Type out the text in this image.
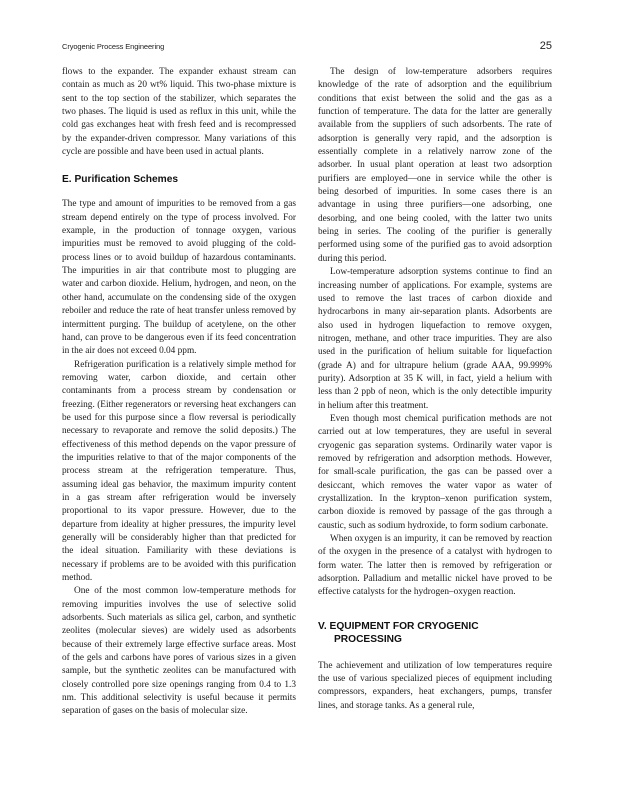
Cryogenic Process Engineering	25

flows to the expander. The expander exhaust stream can contain as much as 20 wt% liquid. This two-phase mixture is sent to the top section of the stabilizer, which separates the two phases. The liquid is used as reflux in this unit, while the cold gas exchanges heat with fresh feed and is recompressed by the expander-driven compressor. Many variations of this cycle are possible and have been used in actual plants.

E. Purification Schemes

The type and amount of impurities to be removed from a gas stream depend entirely on the type of process involved. For example, in the production of tonnage oxygen, various impurities must be removed to avoid plugging of the cold-process lines or to avoid buildup of hazardous contaminants. The impurities in air that contribute most to plugging are water and carbon dioxide. Helium, hydrogen, and neon, on the other hand, accumulate on the condensing side of the oxygen reboiler and reduce the rate of heat transfer unless removed by intermittent purging. The buildup of acetylene, on the other hand, can prove to be dangerous even if its feed concentration in the air does not exceed 0.04 ppm.

Refrigeration purification is a relatively simple method for removing water, carbon dioxide, and certain other contaminants from a process stream by condensation or freezing. (Either regenerators or reversing heat exchangers can be used for this purpose since a flow reversal is periodically necessary to revaporate and remove the solid deposits.) The effectiveness of this method depends on the vapor pressure of the impurities relative to that of the major components of the process stream at the refrigeration temperature. Thus, assuming ideal gas behavior, the maximum impurity content in a gas stream after refrigeration would be inversely proportional to its vapor pressure. However, due to the departure from ideality at higher pressures, the impurity level generally will be considerably higher than that predicted for the ideal situation. Familiarity with these deviations is necessary if problems are to be avoided with this purification method.

One of the most common low-temperature methods for removing impurities involves the use of selective solid adsorbents. Such materials as silica gel, carbon, and synthetic zeolites (molecular sieves) are widely used as adsorbents because of their extremely large effective surface areas. Most of the gels and carbons have pores of various sizes in a given sample, but the synthetic zeolites can be manufactured with closely controlled pore size openings ranging from 0.4 to 1.3 nm. This additional selectivity is useful because it permits separation of gases on the basis of molecular size.

The design of low-temperature adsorbers requires knowledge of the rate of adsorption and the equilibrium conditions that exist between the solid and the gas as a function of temperature. The data for the latter are generally available from the suppliers of such adsorbents. The rate of adsorption is generally very rapid, and the adsorption is essentially complete in a relatively narrow zone of the adsorber. In usual plant operation at least two adsorption purifiers are employed—one in service while the other is being desorbed of impurities. In some cases there is an advantage in using three purifiers—one adsorbing, one desorbing, and one being cooled, with the latter two units being in series. The cooling of the purifier is generally performed using some of the purified gas to avoid adsorption during this period.

Low-temperature adsorption systems continue to find an increasing number of applications. For example, systems are used to remove the last traces of carbon dioxide and hydrocarbons in many air-separation plants. Adsorbents are also used in hydrogen liquefaction to remove oxygen, nitrogen, methane, and other trace impurities. They are also used in the purification of helium suitable for liquefaction (grade A) and for ultrapure helium (grade AAA, 99.999% purity). Adsorption at 35 K will, in fact, yield a helium with less than 2 ppb of neon, which is the only detectible impurity in helium after this treatment.

Even though most chemical purification methods are not carried out at low temperatures, they are useful in several cryogenic gas separation systems. Ordinarily water vapor is removed by refrigeration and adsorption methods. However, for small-scale purification, the gas can be passed over a desiccant, which removes the water vapor as water of crystallization. In the krypton–xenon purification system, carbon dioxide is removed by passage of the gas through a caustic, such as sodium hydroxide, to form sodium carbonate.

When oxygen is an impurity, it can be removed by reaction of the oxygen in the presence of a catalyst with hydrogen to form water. The latter then is removed by refrigeration or adsorption. Palladium and metallic nickel have proved to be effective catalysts for the hydrogen–oxygen reaction.

V. EQUIPMENT FOR CRYOGENIC
PROCESSING

The achievement and utilization of low temperatures require the use of various specialized pieces of equipment including compressors, expanders, heat exchangers, pumps, transfer lines, and storage tanks. As a general rule,
